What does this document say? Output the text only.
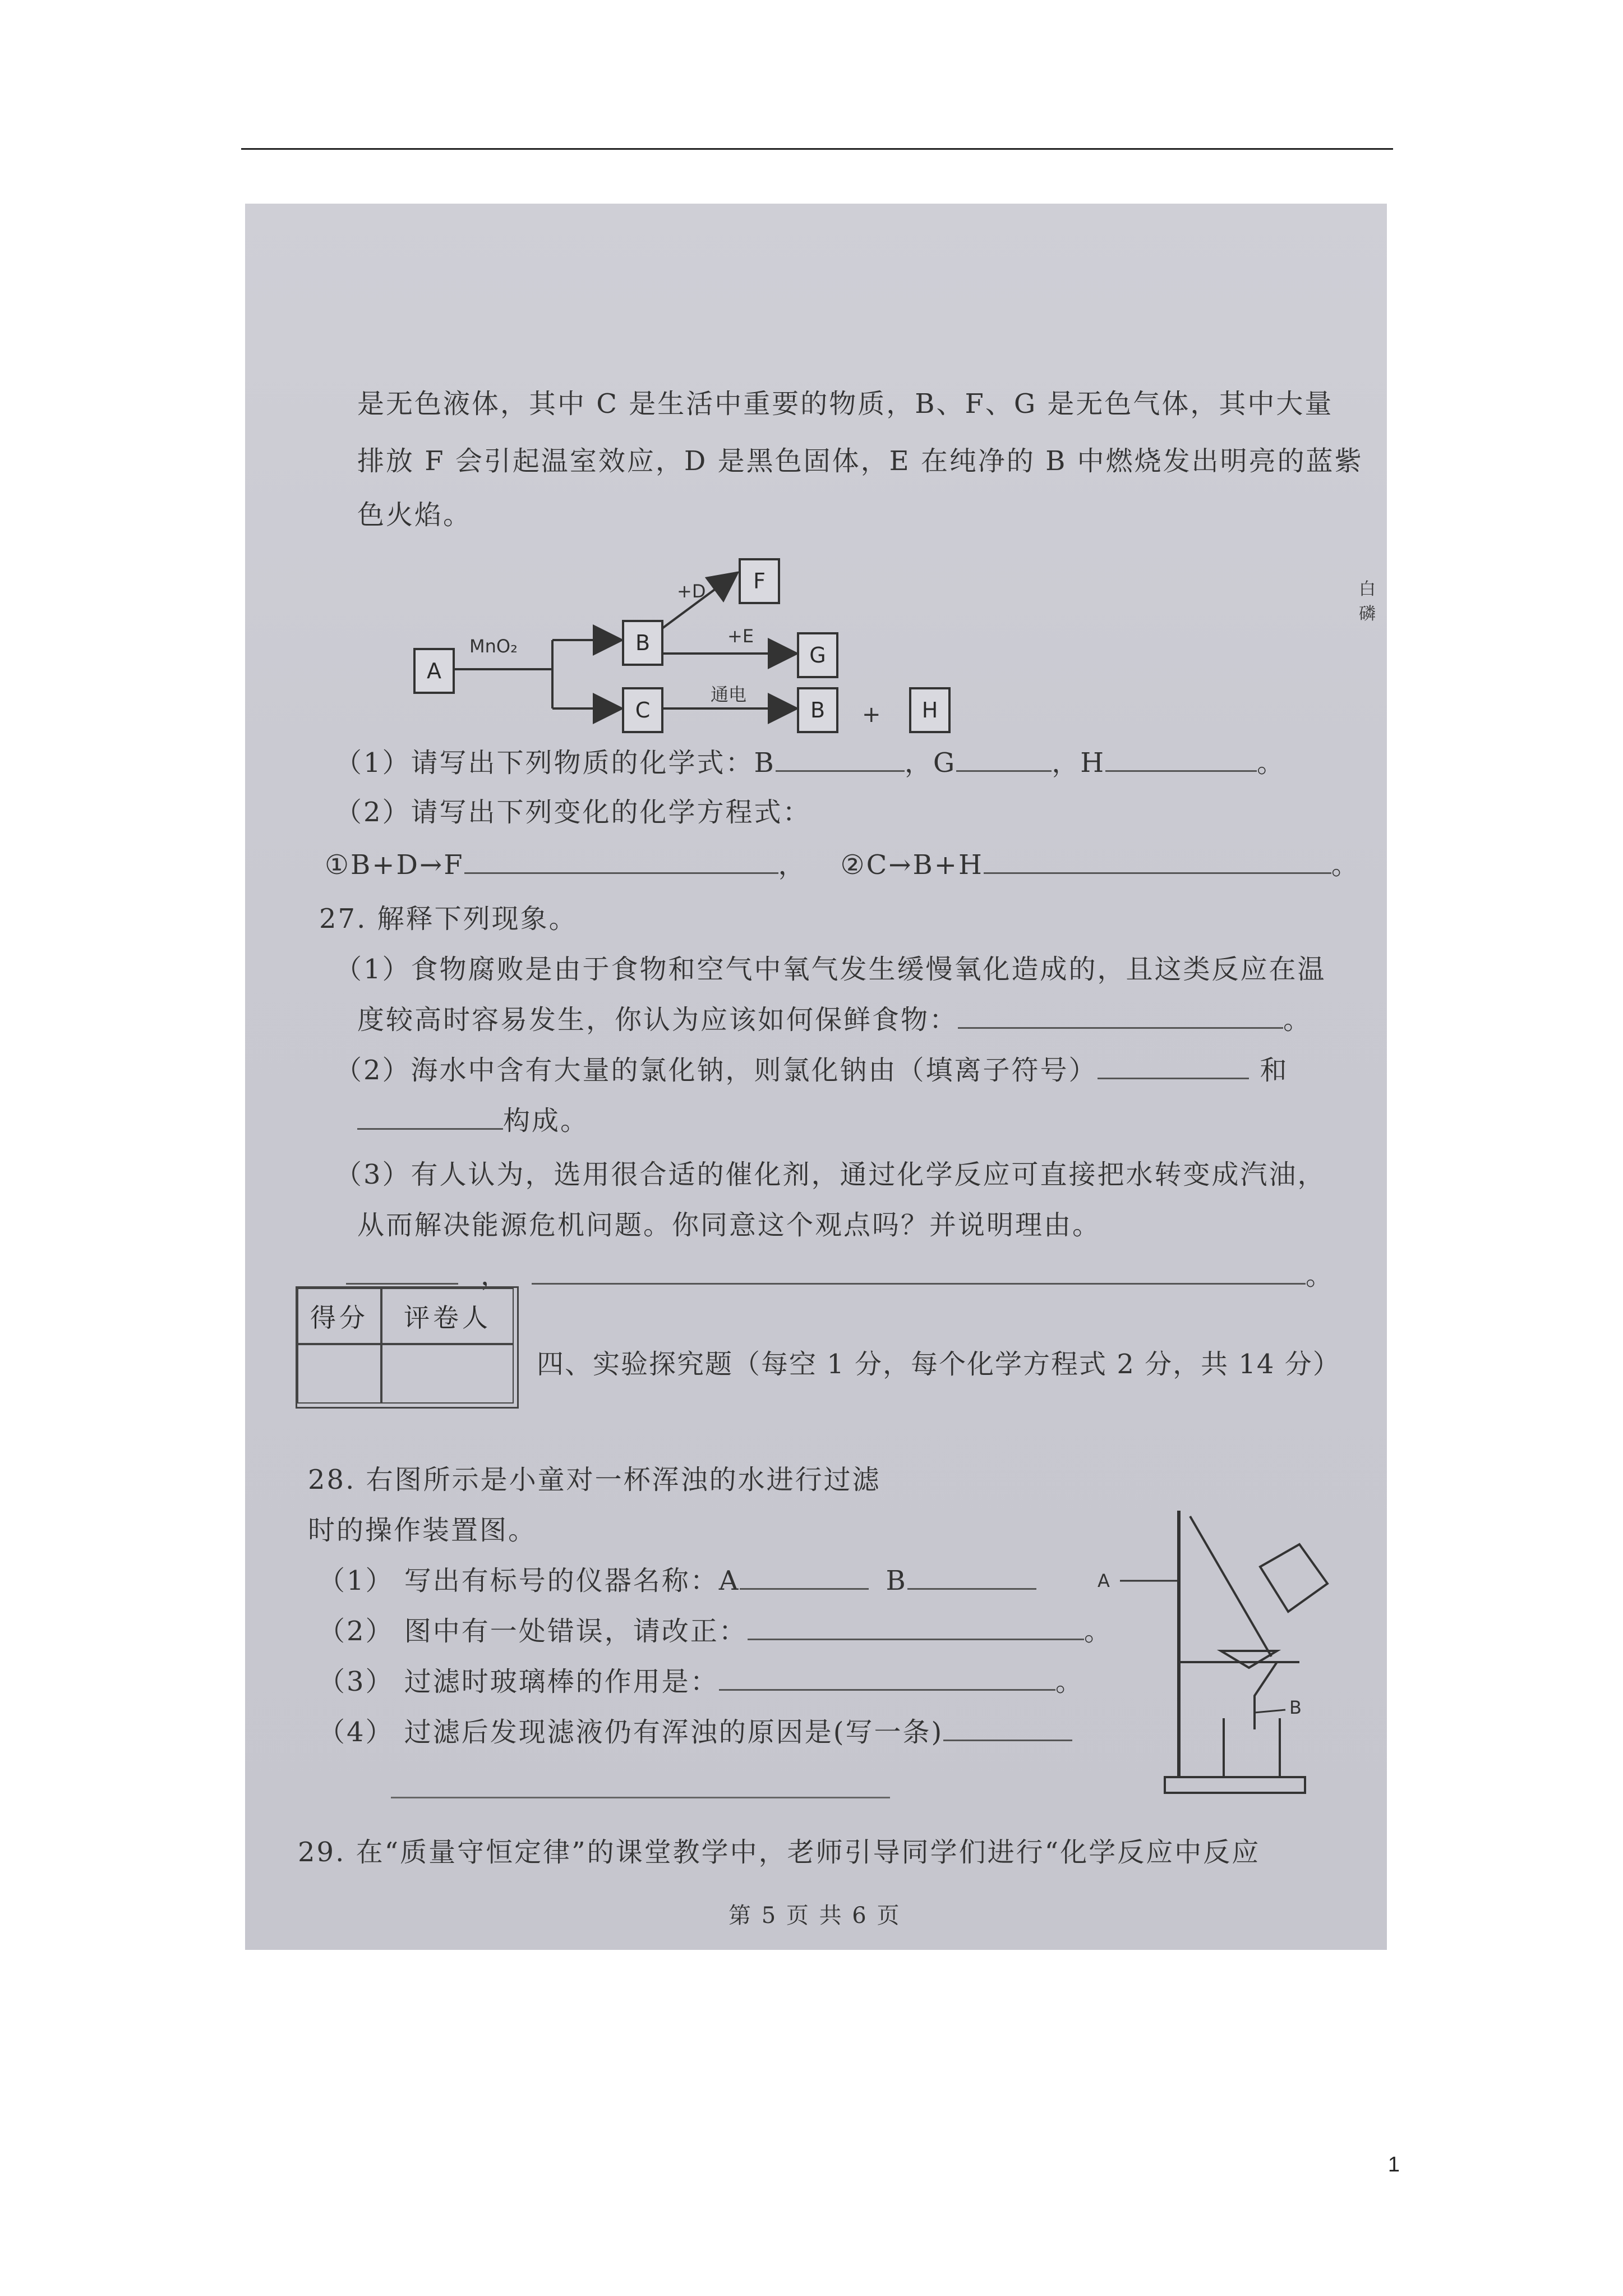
是无色液体，其中 C 是生活中重要的物质，B、F、G 是无色气体，其中大量
排放 F 会引起温室效应，D 是黑色固体，E 在纯净的 B 中燃烧发出明亮的蓝紫
色火焰。
白磷
A
B
C
F
G
B	H
MnO₂
+D
+E
通电
+
（1）请写出下列物质的化学式：B	，G	，H	。
（2）请写出下列变化的化学方程式：
①B+D→F	， ②C→B+H	。
27. 解释下列现象。
（1）食物腐败是由于食物和空气中氧气发生缓慢氧化造成的，且这类反应在温
度较高时容易发生，你认为应该如何保鲜食物：	。
（2）海水中含有大量的氯化钠，则氯化钠由（填离子符号）	和
构成。
（3）有人认为，选用很合适的催化剂，通过化学反应可直接把水转变成汽油，
从而解决能源危机问题。你同意这个观点吗？并说明理由。
，	。
得分	评卷人
四、实验探究题（每空 1 分，每个化学方程式 2 分，共 14 分）
28. 右图所示是小童对一杯浑浊的水进行过滤
时的操作装置图。
（1） 写出有标号的仪器名称：A	B
（2） 图中有一处错误，请改正：	。
（3） 过滤时玻璃棒的作用是：	。
（4） 过滤后发现滤液仍有浑浊的原因是(写一条)
A
B
29. 在“质量守恒定律”的课堂教学中，老师引导同学们进行“化学反应中反应
第 5 页 共 6 页
1
